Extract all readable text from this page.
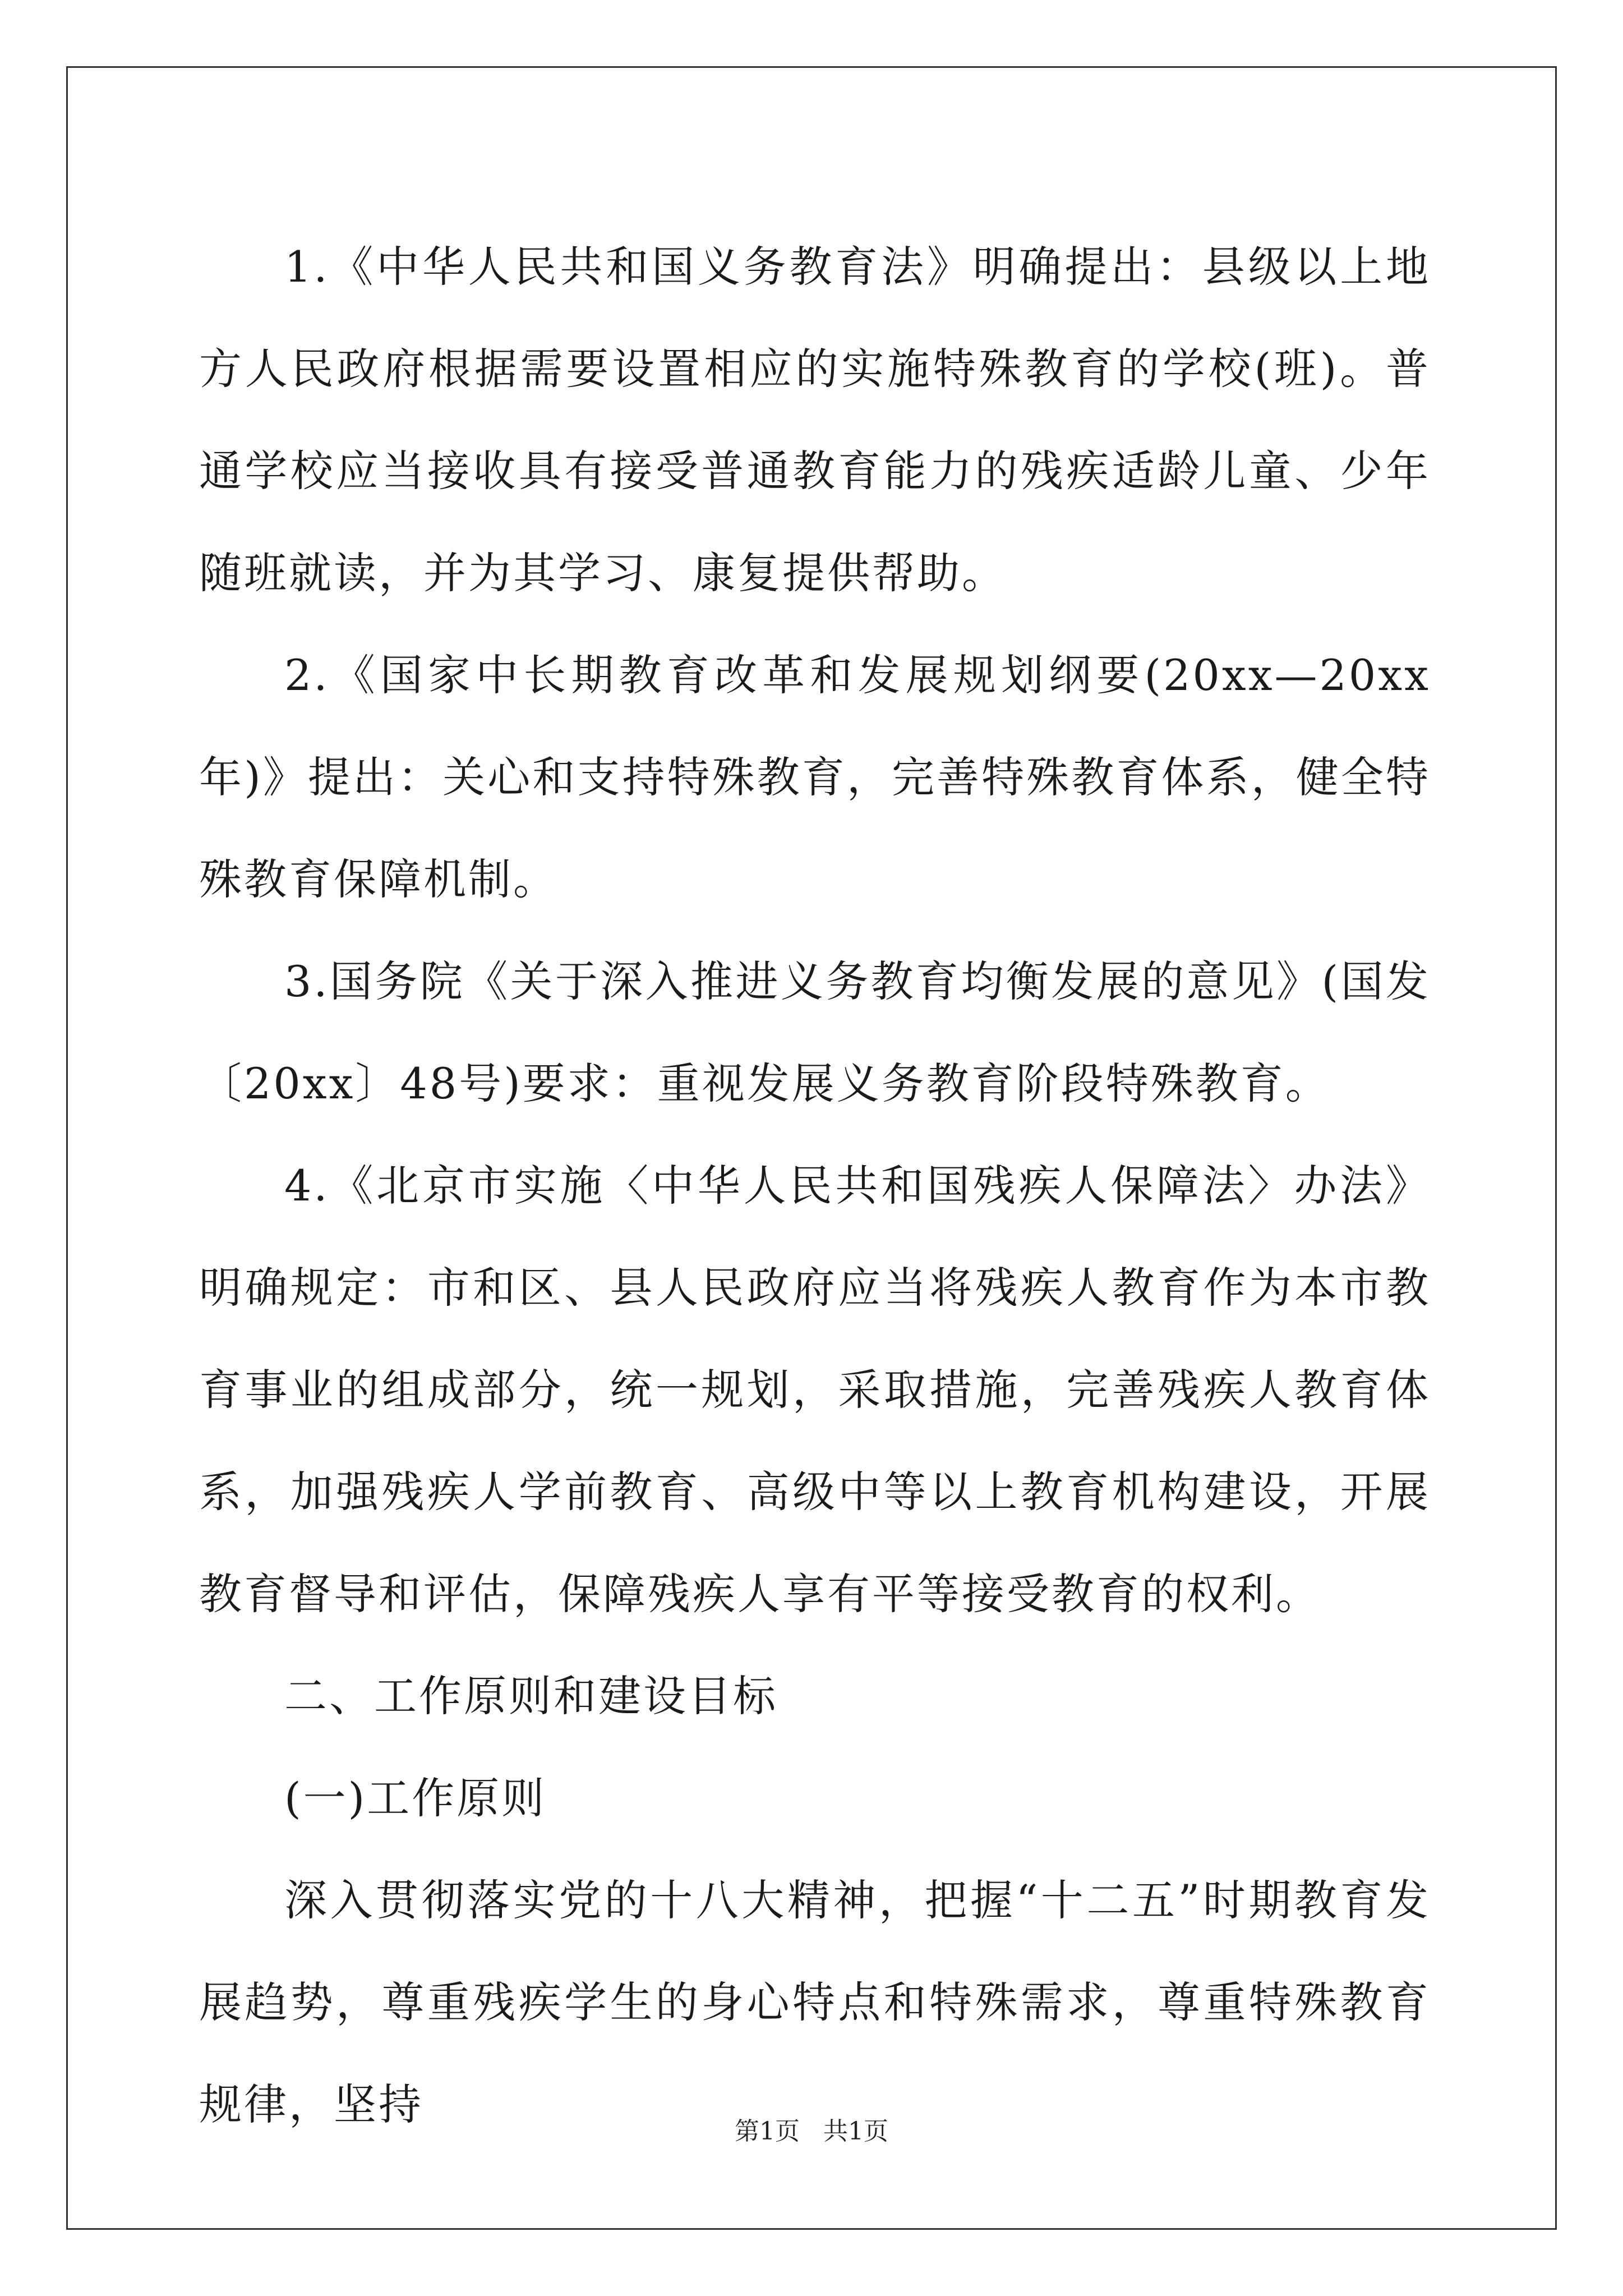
1.《中华人民共和国义务教育法》明确提出：县级以上地方人民政府根据需要设置相应的实施特殊教育的学校(班)。普通学校应当接收具有接受普通教育能力的残疾适龄儿童、少年随班就读，并为其学习、康复提供帮助。

2.《国家中长期教育改革和发展规划纲要(20xx—20xx年)》提出：关心和支持特殊教育，完善特殊教育体系，健全特殊教育保障机制。

3.国务院《关于深入推进义务教育均衡发展的意见》(国发〔20xx〕48号)要求：重视发展义务教育阶段特殊教育。

4.《北京市实施〈中华人民共和国残疾人保障法〉办法》明确规定：市和区、县人民政府应当将残疾人教育作为本市教育事业的组成部分，统一规划，采取措施，完善残疾人教育体系，加强残疾人学前教育、高级中等以上教育机构建设，开展教育督导和评估，保障残疾人享有平等接受教育的权利。

二、工作原则和建设目标

(一)工作原则

深入贯彻落实党的十八大精神，把握“十二五”时期教育发展趋势，尊重残疾学生的身心特点和特殊需求，尊重特殊教育规律，坚持

第1页   共1页
